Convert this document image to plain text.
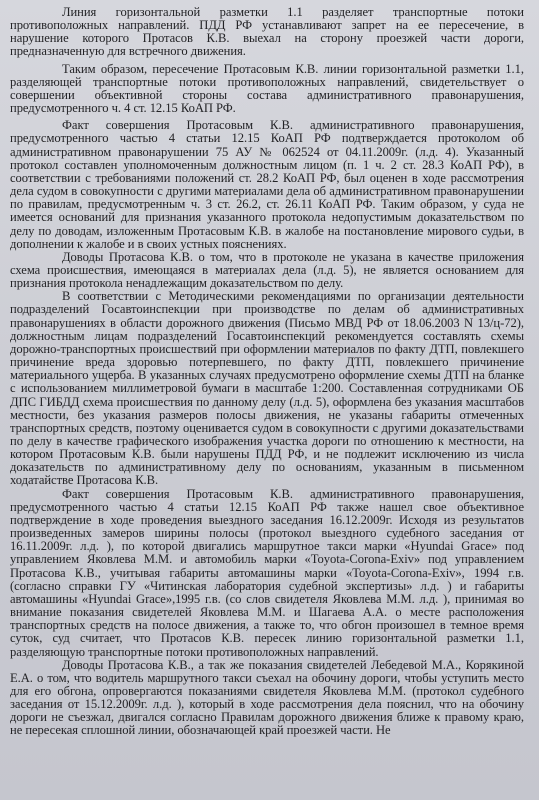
Линия горизонтальной разметки 1.1 разделяет транспортные потоки противоположных направлений. ПДД РФ устанавливают запрет на ее пересечение, в нарушение которого Протасов К.В. выехал на сторону проезжей части дороги, предназначенную для встречного движения.

Таким образом, пересечение Протасовым К.В. линии горизонтальной разметки 1.1, разделяющей транспортные потоки противоположных направлений, свидетельствует о совершении объективной стороны состава административного правонарушения, предусмотренного ч. 4 ст. 12.15 КоАП РФ.

Факт совершения Протасовым К.В. административного правонарушения, предусмотренного частью 4 статьи 12.15 КоАП РФ подтверждается протоколом об административном правонарушении 75 АУ № 062524 от 04.11.2009г. (л.д. 4). Указанный протокол составлен уполномоченным должностным лицом (п. 1 ч. 2 ст. 28.3 КоАП РФ), в соответствии с требованиями положений ст. 28.2 КоАП РФ, был оценен в ходе рассмотрения дела судом в совокупности с другими материалами дела об административном правонарушении по правилам, предусмотренным ч. 3 ст. 26.2, ст. 26.11 КоАП РФ. Таким образом, у суда не имеется оснований для признания указанного протокола недопустимым доказательством по делу по доводам, изложенным Протасовым К.В. в жалобе на постановление мирового судьи, в дополнении к жалобе и в своих устных пояснениях.

Доводы Протасова К.В. о том, что в протоколе не указана в качестве приложения схема происшествия, имеющаяся в материалах дела (л.д. 5), не является основанием для признания протокола ненадлежащим доказательством по делу.

В соответствии с Методическими рекомендациями по организации деятельности подразделений Госавтоинспекции при производстве по делам об административных правонарушениях в области дорожного движения (Письмо МВД РФ от 18.06.2003 N 13/ц-72), должностным лицам подразделений Госавтоинспекций рекомендуется составлять схемы дорожно-транспортных происшествий при оформлении материалов по факту ДТП, повлекшего причинение вреда здоровью потерпевшего, по факту ДТП, повлекшего причинение материального ущерба. В указанных случаях предусмотрено оформление схемы ДТП на бланке с использованием миллиметровой бумаги в масштабе 1:200. Составленная сотрудниками ОБ ДПС ГИБДД схема происшествия по данному делу (л.д. 5), оформлена без указания масштабов местности, без указания размеров полосы движения, не указаны габариты отмеченных транспортных средств, поэтому оценивается судом в совокупности с другими доказательствами по делу в качестве графического изображения участка дороги по отношению к местности, на котором Протасовым К.В. были нарушены ПДД РФ, и не подлежит исключению из числа доказательств по административному делу по основаниям, указанным в письменном ходатайстве Протасова К.В.

Факт совершения Протасовым К.В. административного правонарушения, предусмотренного частью 4 статьи 12.15 КоАП РФ также нашел свое объективное подтверждение в ходе проведения выездного заседания 16.12.2009г. Исходя из результатов произведенных замеров ширины полосы (протокол выездного судебного заседания от 16.11.2009г. л.д. ), по которой двигались маршрутное такси марки «Hyundai Grace» под управлением Яковлева М.М. и автомобиль марки «Toyota-Corona-Exiv» под управлением Протасова К.В., учитывая габариты автомашины марки «Toyota-Corona-Exiv», 1994 г.в. (согласно справки ГУ «Читинская лаборатория судебной экспертизы» л.д. ) и габариты автомашины «Hyundai Grace»,1995 г.в. (со слов свидетеля Яковлева М.М. л.д. ), принимая во внимание показания свидетелей Яковлева М.М. и Шагаева А.А. о месте расположения транспортных средств на полосе движения, а также то, что обгон произошел в темное время суток, суд считает, что Протасов К.В. пересек линию горизонтальной разметки 1.1, разделяющую транспортные потоки противоположных направлений.

Доводы Протасова К.В., а так же показания свидетелей Лебедевой М.А., Корякиной Е.А. о том, что водитель маршрутного такси съехал на обочину дороги, чтобы уступить место для его обгона, опровергаются показаниями свидетеля Яковлева М.М. (протокол судебного заседания от 15.12.2009г. л.д. ), который в ходе рассмотрения дела пояснил, что на обочину дороги не съезжал, двигался согласно Правилам дорожного движения ближе к правому краю, не пересекая сплошной линии, обозначающей край проезжей части. Не
